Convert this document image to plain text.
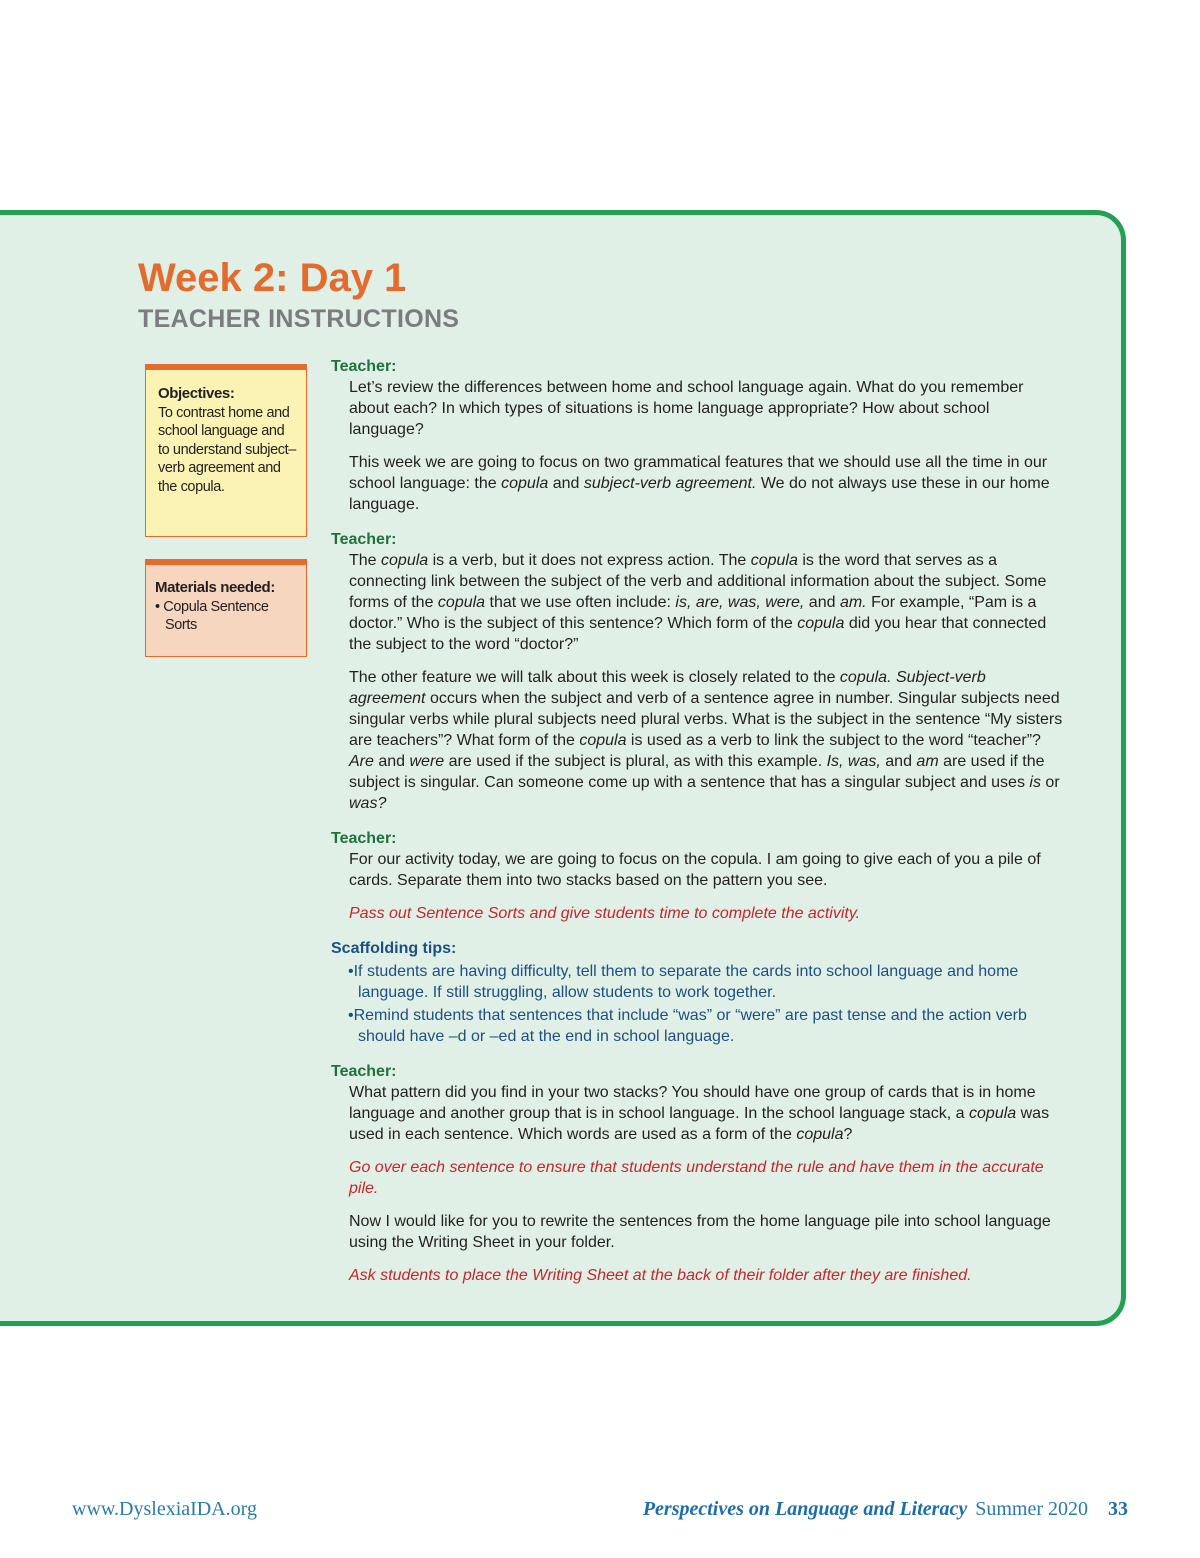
Week 2: Day 1
TEACHER INSTRUCTIONS
Objectives:
To contrast home and school language and to understand subject–verb agreement and the copula.
Materials needed:
• Copula Sentence Sorts

Teacher:

Let’s review the differences between home and school language again. What do you remember about each? In which types of situations is home language appropriate? How about school language?

This week we are going to focus on two grammatical features that we should use all the time in our school language: the copula and subject-verb agreement. We do not always use these in our home language.

Teacher:

The copula is a verb, but it does not express action. The copula is the word that serves as a connecting link between the subject of the verb and additional information about the subject. Some forms of the copula that we use often include: is, are, was, were, and am. For example, “Pam is a doctor.” Who is the subject of this sentence? Which form of the copula did you hear that connected the subject to the word “doctor?”

The other feature we will talk about this week is closely related to the copula. Subject-verb agreement occurs when the subject and verb of a sentence agree in number. Singular subjects need singular verbs while plural subjects need plural verbs. What is the subject in the sentence “My sisters are teachers”? What form of the copula is used as a verb to link the subject to the word “teacher”? Are and were are used if the subject is plural, as with this example. Is, was, and am are used if the subject is singular. Can someone come up with a sentence that has a singular subject and uses is or was?

Teacher:

For our activity today, we are going to focus on the copula. I am going to give each of you a pile of cards. Separate them into two stacks based on the pattern you see.

Pass out Sentence Sorts and give students time to complete the activity.

Scaffolding tips:

•If students are having difficulty, tell them to separate the cards into school language and home language. If still struggling, allow students to work together.
•Remind students that sentences that include “was” or “were” are past tense and the action verb should have –d or –ed at the end in school language.

Teacher:

What pattern did you find in your two stacks? You should have one group of cards that is in home language and another group that is in school language. In the school language stack, a copula was used in each sentence. Which words are used as a form of the copula?

Go over each sentence to ensure that students understand the rule and have them in the accurate pile.

Now I would like for you to rewrite the sentences from the home language pile into school language using the Writing Sheet in your folder.

Ask students to place the Writing Sheet at the back of their folder after they are finished.

www.DyslexiaIDA.org	Perspectives on Language and Literacy Summer 2020 33
